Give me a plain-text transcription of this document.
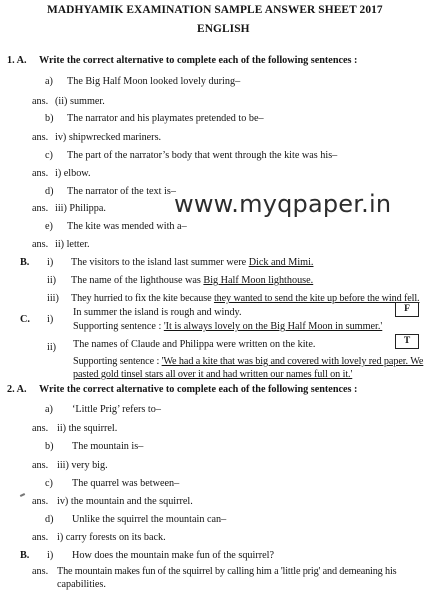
MADHYAMIK EXAMINATION SAMPLE ANSWER SHEET 2017
ENGLISH
1. A. Write the correct alternative to complete each of the following sentences :
a) The Big Half Moon looked lovely during–
ans. (ii) summer.
b) The narrator and his playmates pretended to be–
ans. iv) shipwrecked mariners.
c) The part of the narrator’s body that went through the kite was his–
ans. i) elbow.
d) The narrator of the text is–
ans. iii) Philippa.
e) The kite was mended with a–
ans. ii) letter.
www.myqpaper.in
B. i) The visitors to the island last summer were Dick and Mimi.
ii) The name of the lighthouse was Big Half Moon lighthouse.
iii) They hurried to fix the kite because they wanted to send the kite up before the wind fell.
C. i)
In summer the island is rough and windy.	F
Supporting sentence : 'It is always lovely on the Big Half Moon in summer.'
ii) The names of Claude and Philippa were written on the kite.	T
Supporting sentence : 'We had a kite that was big and covered with lovely red paper. We
pasted gold tinsel stars all over it and had written our names full on it.'
2. A. Write the correct alternative to complete each of the following sentences :
a) ‘Little Prig’ refers to–
ans. ii) the squirrel.
b) The mountain is–
ans. iii) very big.
c) The quarrel was between–
ans. iv) the mountain and the squirrel.
d) Unlike the squirrel the mountain can–
ans. i) carry forests on its back.
B. i) How does the mountain make fun of the squirrel?
ans. The mountain makes fun of the squirrel by calling him a 'little prig' and demeaning his
capabilities.
